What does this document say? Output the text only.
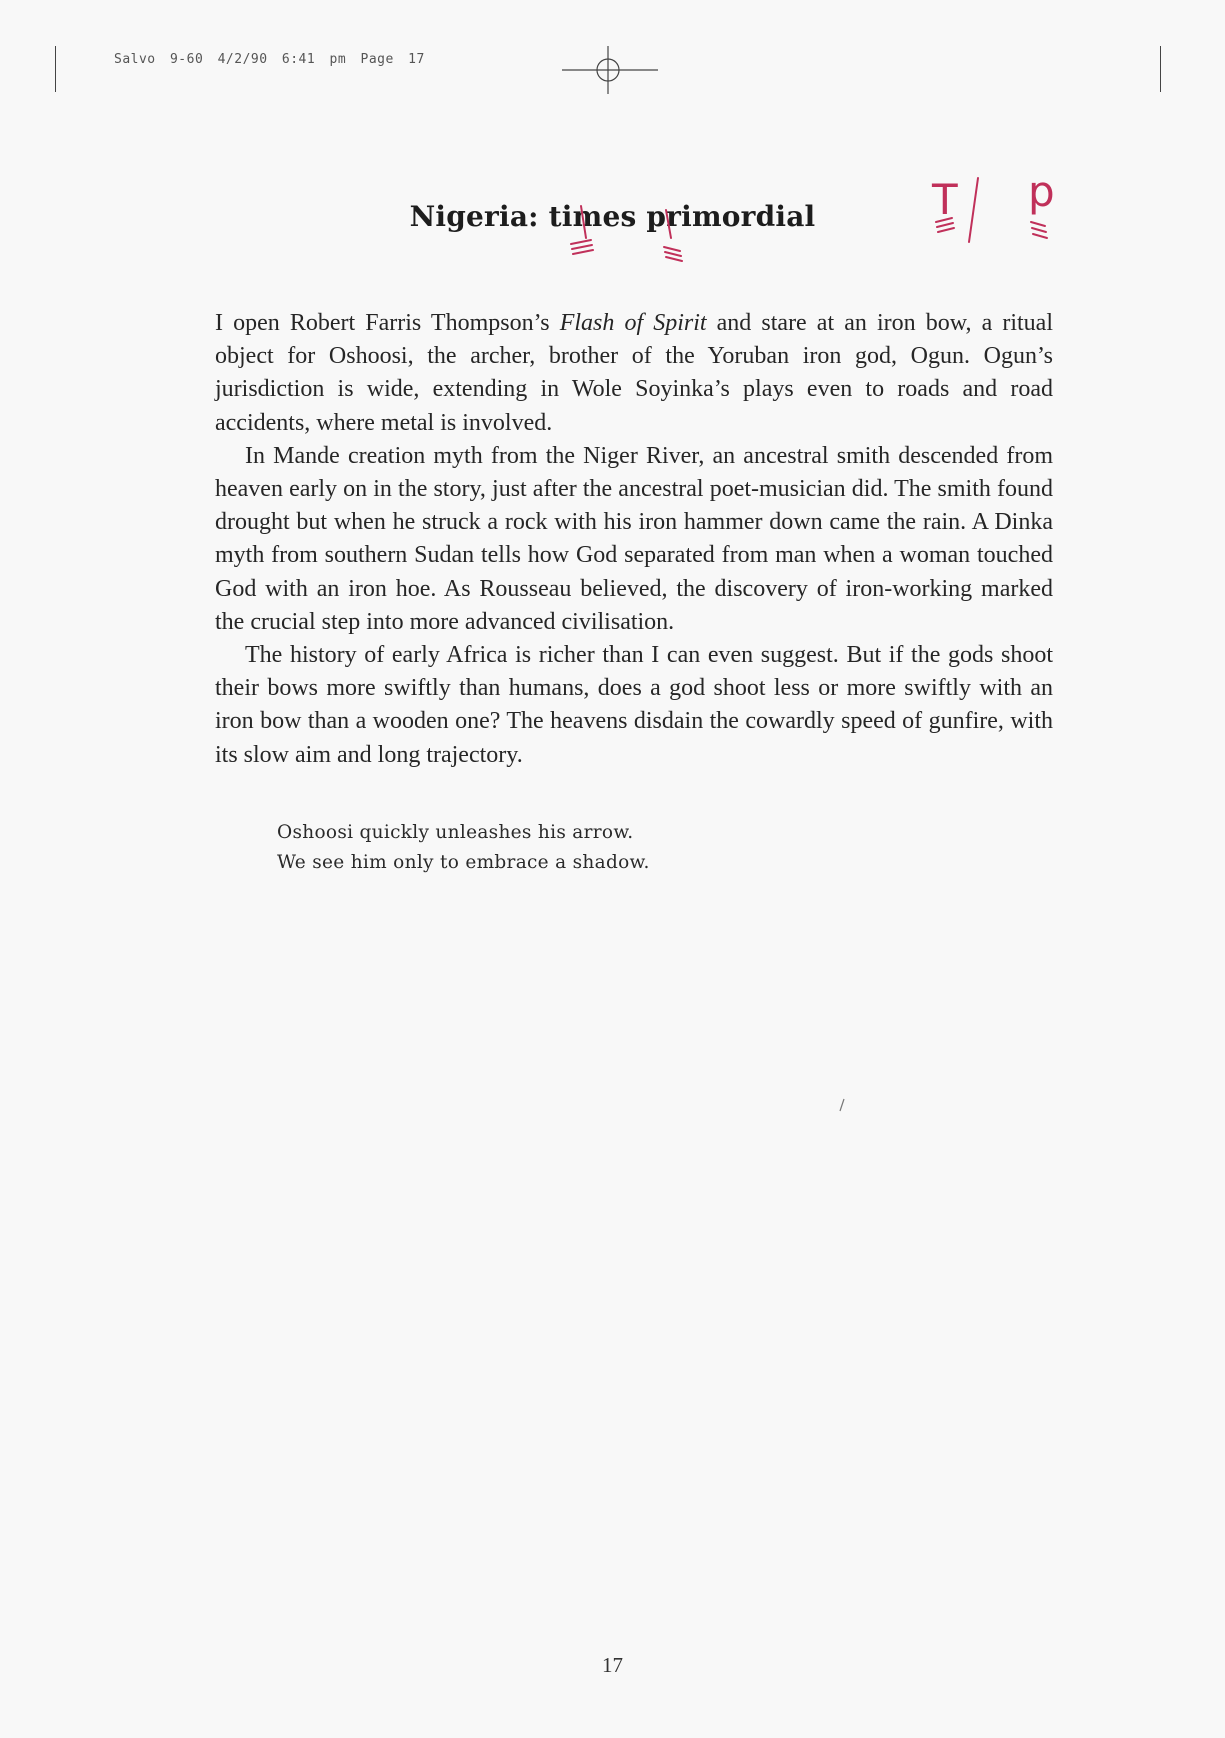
Salvo 9-60 4/2/90 6:41 pm Page 17
Nigeria: times primordial	T p

I open Robert Farris Thompson’s Flash of Spirit and stare at an iron bow, a ritual object for Oshoosi, the archer, brother of the Yoruban iron god, Ogun. Ogun’s jurisdiction is wide, extending in Wole Soyinka’s plays even to roads and road accidents, where metal is involved.

In Mande creation myth from the Niger River, an ancestral smith descended from heaven early on in the story, just after the ancestral poet-musician did. The smith found drought but when he struck a rock with his iron hammer down came the rain. A Dinka myth from southern Sudan tells how God separated from man when a woman touched God with an iron hoe. As Rousseau believed, the discovery of iron-working marked the crucial step into more advanced civilisation.

The history of early Africa is richer than I can even suggest. But if the gods shoot their bows more swiftly than humans, does a god shoot less or more swiftly with an iron bow than a wooden one? The heavens disdain the cowardly speed of gunfire, with its slow aim and long trajectory.

Oshoosi quickly unleashes his arrow.
We see him only to embrace a shadow.
17
